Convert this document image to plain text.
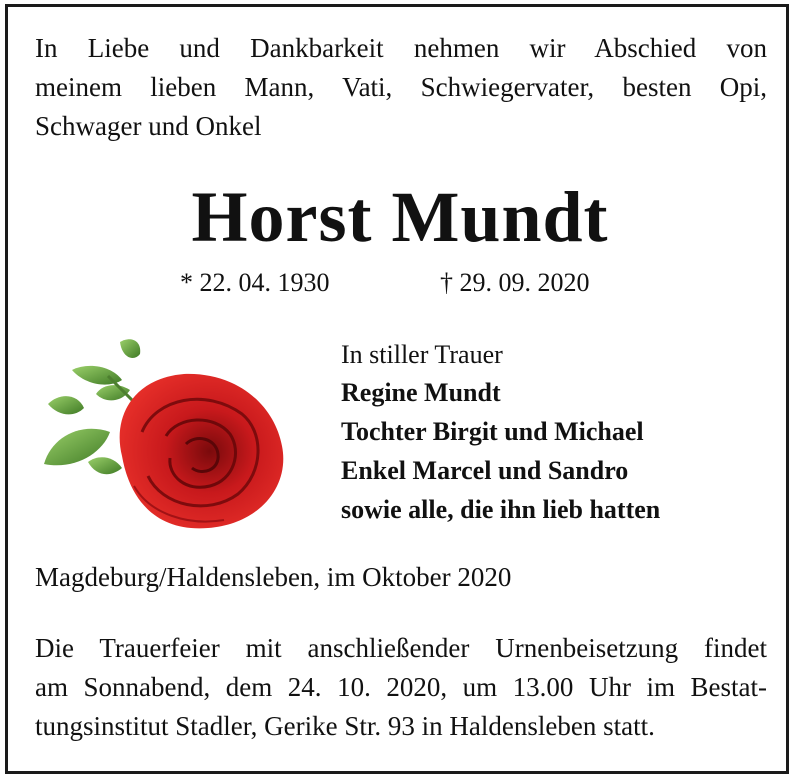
In Liebe und Dankbarkeit nehmen wir Abschied von
meinem lieben Mann, Vati, Schwiegervater, besten Opi,
Schwager und Onkel
Horst Mundt
* 22. 04. 1930	† 29. 09. 2020
In stiller Trauer
Regine Mundt
Tochter Birgit und Michael
Enkel Marcel und Sandro
sowie alle, die ihn lieb hatten
Magdeburg/Haldensleben, im Oktober 2020
Die Trauerfeier mit anschließender Urnenbeisetzung findet
am Sonnabend, dem 24. 10. 2020, um 13.00 Uhr im Bestat-
tungsinstitut Stadler, Gerike Str. 93 in Haldensleben statt.
